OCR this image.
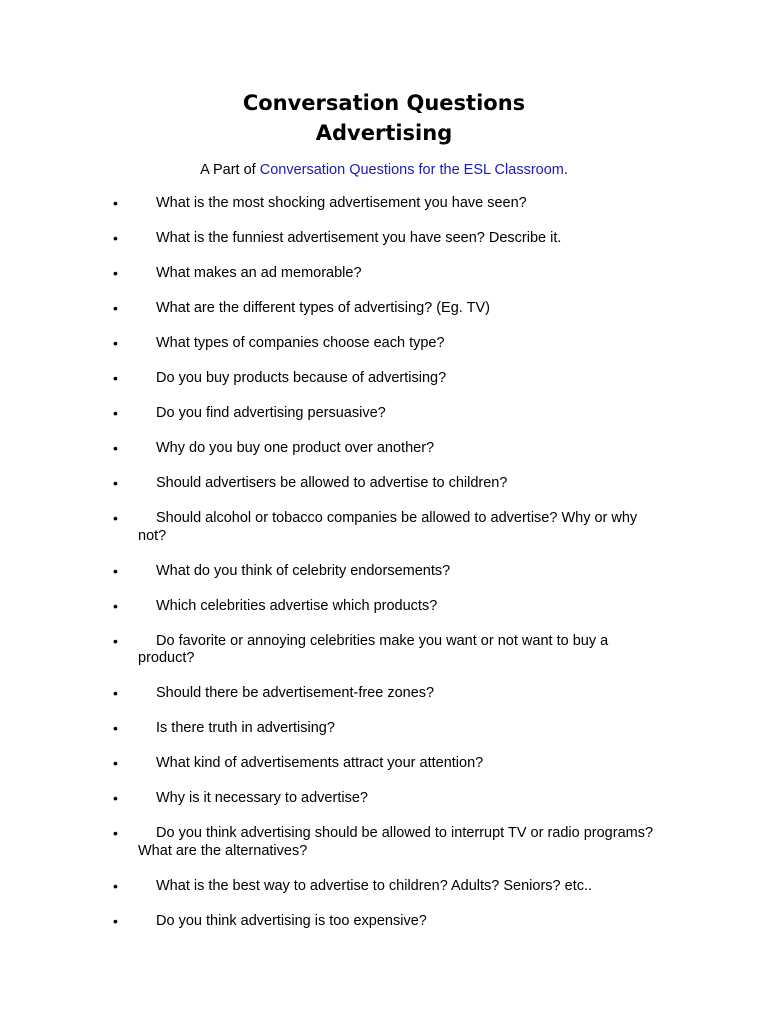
Conversation Questions
Advertising
A Part of Conversation Questions for the ESL Classroom.
•	What is the most shocking advertisement you have seen?
•	What is the funniest advertisement you have seen? Describe it.
•	What makes an ad memorable?
•	What are the different types of advertising? (Eg. TV)
•	What types of companies choose each type?
•	Do you buy products because of advertising?
•	Do you find advertising persuasive?
•	Why do you buy one product over another?
•	Should advertisers be allowed to advertise to children?
•	Should alcohol or tobacco companies be allowed to advertise? Why or why not?
•	What do you think of celebrity endorsements?
•	Which celebrities advertise which products?
•	Do favorite or annoying celebrities make you want or not want to buy a product?
•	Should there be advertisement-free zones?
•	Is there truth in advertising?
•	What kind of advertisements attract your attention?
•	Why is it necessary to advertise?
•	Do you think advertising should be allowed to interrupt TV or radio programs? What are the alternatives?
•	What is the best way to advertise to children? Adults? Seniors? etc..
•	Do you think advertising is too expensive?
